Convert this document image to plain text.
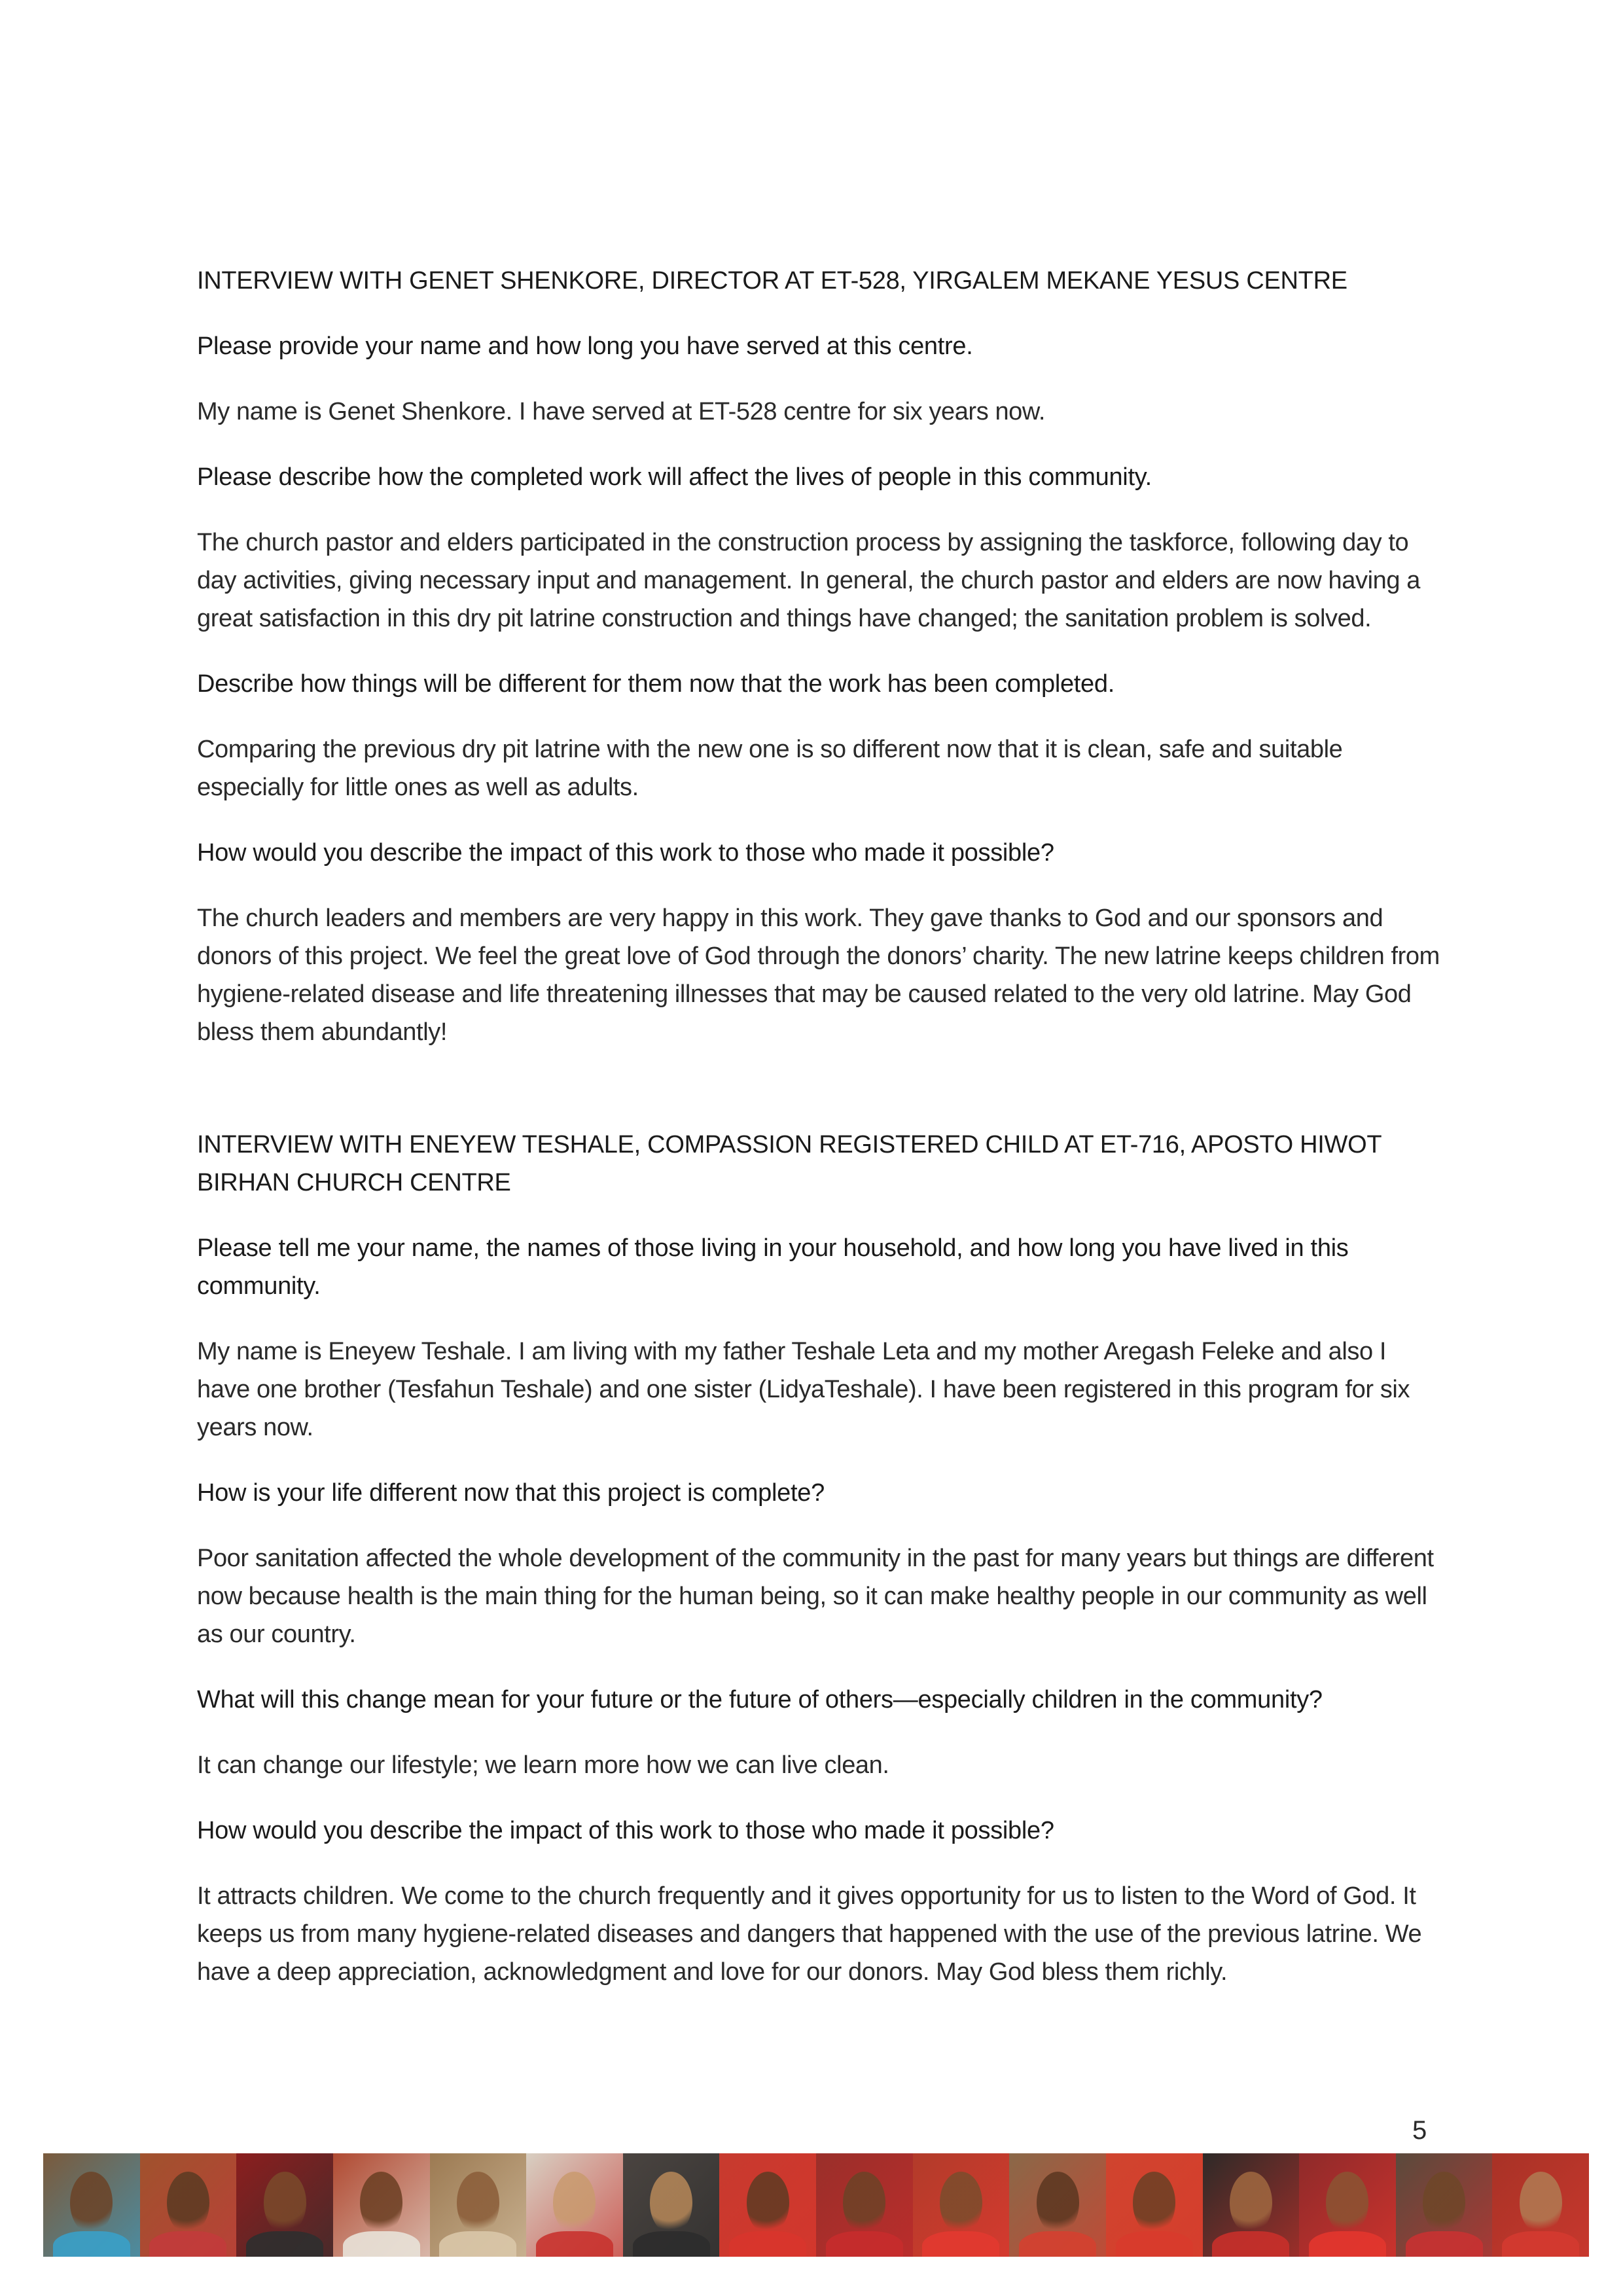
INTERVIEW WITH GENET SHENKORE, DIRECTOR AT ET-528, YIRGALEM MEKANE YESUS CENTRE

Please provide your name and how long you have served at this centre.

My name is Genet Shenkore. I have served at ET-528 centre for six years now.

Please describe how the completed work will affect the lives of people in this community.

The church pastor and elders participated in the construction process by assigning the taskforce, following day to day activities, giving necessary input and management. In general, the church pastor and elders are now having a great satisfaction in this dry pit latrine construction and things have changed; the sanitation problem is solved.

Describe how things will be different for them now that the work has been completed.

Comparing the previous dry pit latrine with the new one is so different now that it is clean, safe and suitable especially for little ones as well as adults.

How would you describe the impact of this work to those who made it possible?

The church leaders and members are very happy in this work. They gave thanks to God and our sponsors and donors of this project. We feel the great love of God through the donors’ charity. The new latrine keeps children from hygiene-related disease and life threatening illnesses that may be caused related to the very old latrine. May God bless them abundantly!

INTERVIEW WITH ENEYEW TESHALE, COMPASSION REGISTERED CHILD AT ET-716, APOSTO HIWOT BIRHAN CHURCH CENTRE

Please tell me your name, the names of those living in your household, and how long you have lived in this community.

My name is Eneyew Teshale. I am living with my father Teshale Leta and my mother Aregash Feleke and also I have one brother (Tesfahun Teshale) and one sister (LidyaTeshale). I have been registered in this program for six years now.

How is your life different now that this project is complete?

Poor sanitation affected the whole development of the community in the past for many years but things are different now because health is the main thing for the human being, so it can make healthy people in our community as well as our country.

What will this change mean for your future or the future of others—especially children in the community?

It can change our lifestyle; we learn more how we can live clean.

How would you describe the impact of this work to those who made it possible?

It attracts children. We come to the church frequently and it gives opportunity for us to listen to the Word of God. It keeps us from many hygiene-related diseases and dangers that happened with the use of the previous latrine. We have a deep appreciation, acknowledgment and love for our donors. May God bless them richly.

5
